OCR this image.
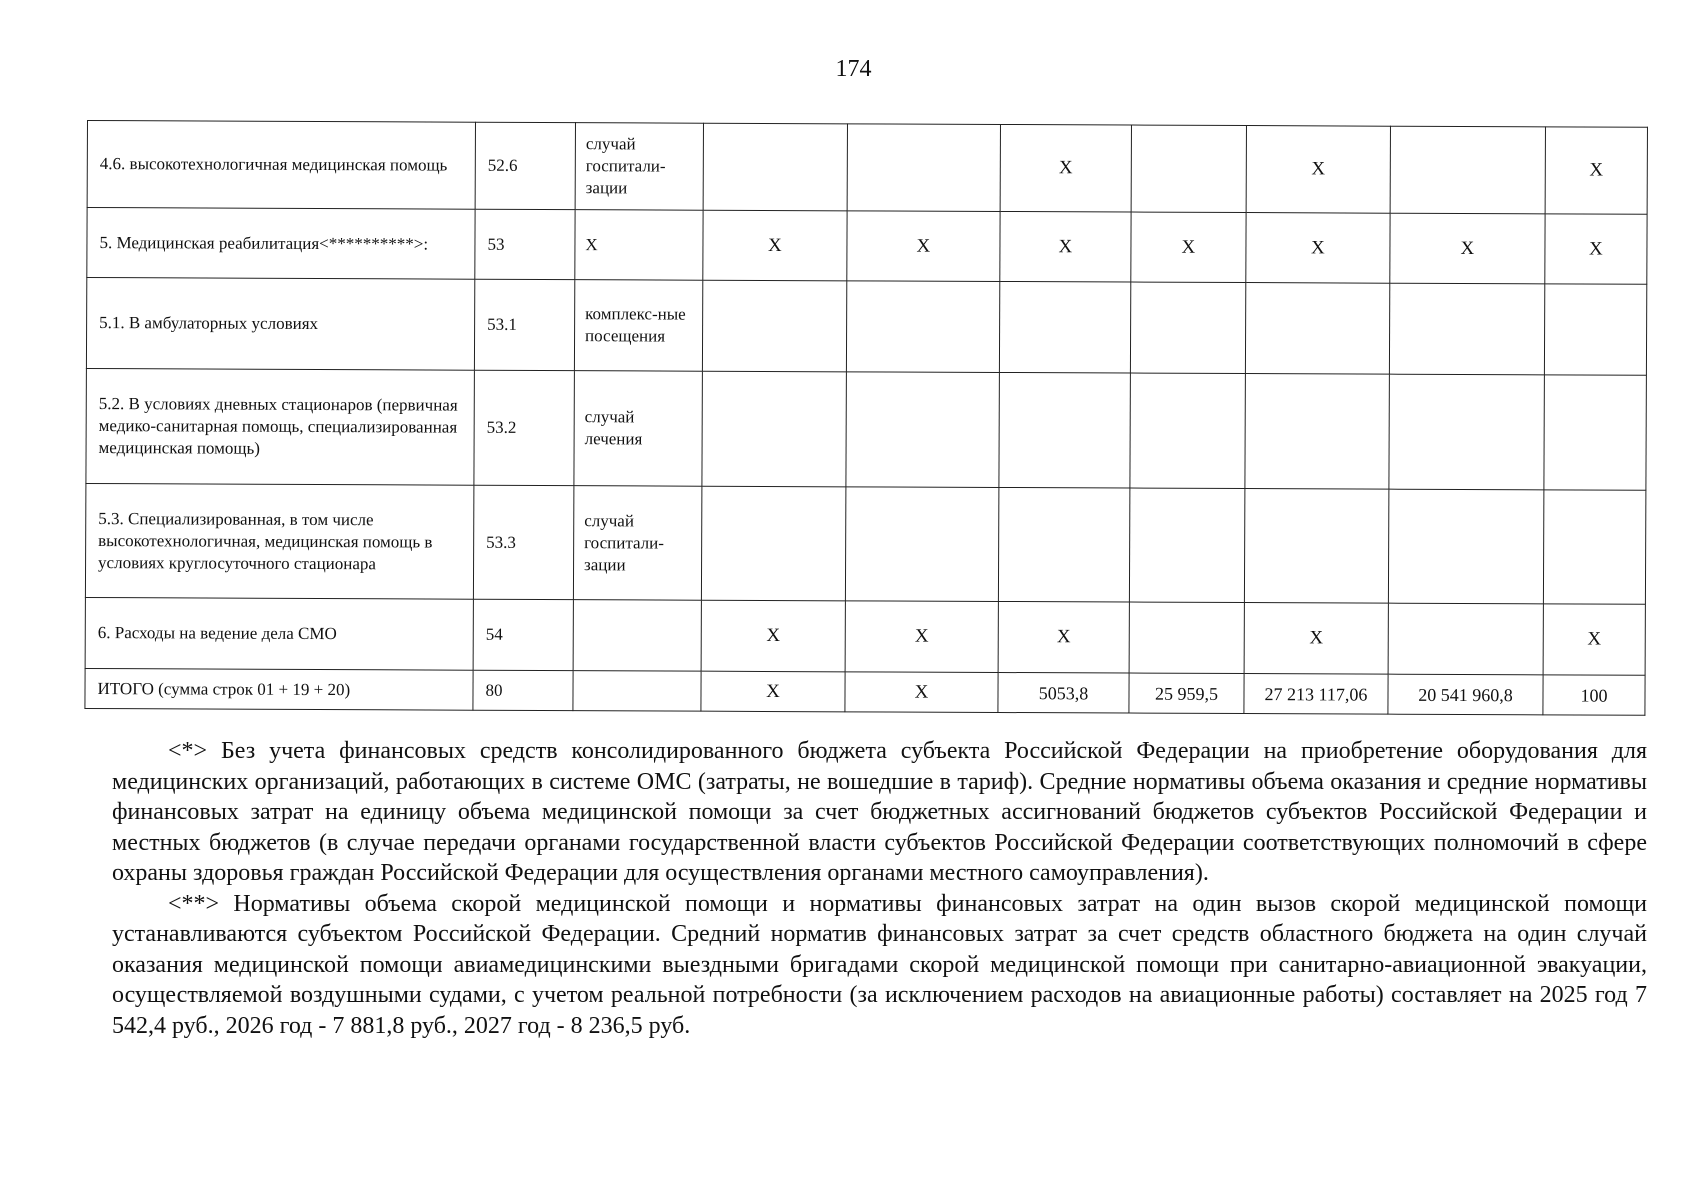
174
4.6. высокотехнологичная медицинская помощь	52.6	случай госпитали-зации			Х		Х		Х
5. Медицинская реабилитация<**********>:	53	Х	Х	Х	Х	Х	Х	Х	Х
5.1. В амбулаторных условиях	53.1	комплекс-ные посещения							
5.2. В условиях дневных стационаров (первичная медико-санитарная помощь, специализированная медицинская помощь)	53.2	случай лечения							
5.3. Специализированная, в том числе высокотехнологичная, медицинская помощь в условиях круглосуточного стационара	53.3	случай госпитали-зации							
6. Расходы на ведение дела СМО	54		Х	Х	Х		Х		Х
ИТОГО (сумма строк 01 + 19 + 20)	80		Х	Х	5053,8	25 959,5	27 213 117,06	20 541 960,8	100

<*> Без учета финансовых средств консолидированного бюджета субъекта Российской Федерации на приобретение оборудования для медицинских организаций, работающих в системе ОМС (затраты, не вошедшие в тариф). Средние нормативы объема оказания и средние нормативы финансовых затрат на единицу объема медицинской помощи за счет бюджетных ассигнований бюджетов субъектов Российской Федерации и местных бюджетов (в случае передачи органами государственной власти субъектов Российской Федерации соответствующих полномочий в сфере охраны здоровья граждан Российской Федерации для осуществления органами местного самоуправления).

<**> Нормативы объема скорой медицинской помощи и нормативы финансовых затрат на один вызов скорой медицинской помощи устанавливаются субъектом Российской Федерации. Средний норматив финансовых затрат за счет средств областного бюджета на один случай оказания медицинской помощи авиамедицинскими выездными бригадами скорой медицинской помощи при санитарно-авиационной эвакуации, осуществляемой воздушными судами, с учетом реальной потребности (за исключением расходов на авиационные работы) составляет на 2025 год 7 542,4 руб., 2026 год - 7 881,8 руб., 2027 год - 8 236,5 руб.
